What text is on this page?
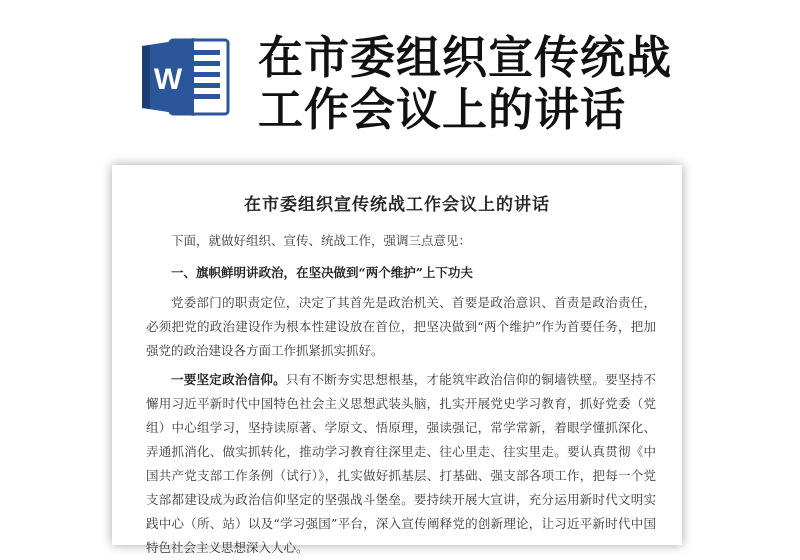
W 在市委组织宣传统战
工作会议上的讲话
在市委组织宣传统战工作会议上的讲话
下面，就做好组织、宣传、统战工作，强调三点意见：
一、旗帜鲜明讲政治，在坚决做到“两个维护”上下功夫
党委部门的职责定位，决定了其首先是政治机关、首要是政治意识、首责是政治责任，必须把党的政治建设作为根本性建设放在首位，把坚决做到“两个维护”作为首要任务，把加强党的政治建设各方面工作抓紧抓实抓好。
一要坚定政治信仰。只有不断夯实思想根基，才能筑牢政治信仰的铜墙铁壁。要坚持不懈用习近平新时代中国特色社会主义思想武装头脑，扎实开展党史学习教育，抓好党委（党组）中心组学习，坚持读原著、学原文、悟原理，强读强记，常学常新，着眼学懂抓深化、弄通抓消化、做实抓转化，推动学习教育往深里走、往心里走、往实里走。要认真贯彻《中国共产党支部工作条例（试行）》，扎实做好抓基层、打基础、强支部各项工作，把每一个党支部都建设成为政治信仰坚定的坚强战斗堡垒。要持续开展大宣讲，充分运用新时代文明实践中心（所、站）以及“学习强国”平台，深入宣传阐释党的创新理论，让习近平新时代中国特色社会主义思想深入人心。
